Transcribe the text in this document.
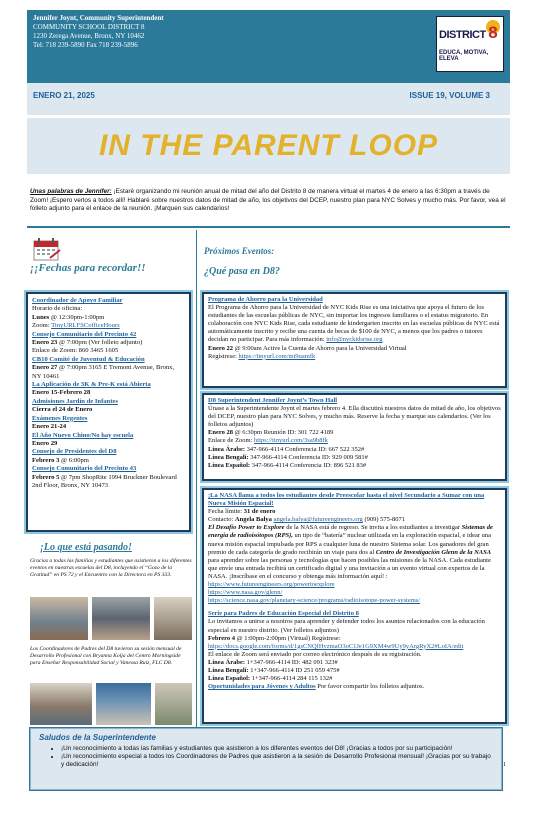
Jennifer Joynt, Community Superintendent
COMMUNITY SCHOOL DISTRICT 8
1230 Zerega Avenue, Bronx, NY 10462
Tel: 718 239-5890 Fax 718 239-5896
DISTRICT 8
EDUCA, MOTIVA, ELEVA
ENERO 21, 2025	ISSUE 19, VOLUME 3
IN THE PARENT LOOP
Unas palabras de Jennifer: ¡Estaré organizando mi reunión anual de mitad del año del Distrito 8 de manera virtual el martes 4 de enero a las 6:30pm a través de Zoom! ¡Espero verlos a todos allí! Hablaré sobre nuestros datos de mitad de año, los objetivos del DCEP, nuestro plan para NYC Solves y mucho más. Por favor, vea el folleto adjunto para el enlace de la reunión. ¡Marquen sus calendarios!
¡¡Fechas para recordar!!
Coordinador de Apoyo Familiar
Horario de oficina:
Lunes @ 12:30pm-1:00pm
Zoom: TinyURLFSCofficeHours
Consejo Comunitario del Precinto 42
Enero 23 @ 7:00pm (Ver folleto adjunto)
Enlace de Zoom: 860 3465 1605
CB10 Comité de Juventud & Educación
Enero 27 @ 7:00pm 3165 E Tremont Avenue, Bronx, NY 10461
La Aplicación de 3K & Pre-K está Abierta
Enero 15-Febrero 28
Admisiones Jardín de Infantes
Cierra el 24 de Enero
Exámenes Regentes
Enero 21-24
El Año Nuevo Chino/No hay escuela
Enero 29
Consejo de Presidentes del D8
Febrero 3 @ 6:00pm
Consejo Comunitario del Precinto 43
Febrero 5 @ 7pm ShopRite 1994 Bruckner Boulevard 2nd Floor, Bronx, NY 10473
¡Lo que está pasando!
Gracias a todas las familias y estudiantes que asistieron a los diferentes eventos en nuestras escuelas del D8, incluyendo el “Gozo de la Gratitud” en PS 72 y el Encuentro con la Directora en PS 333.
Los Coordinadores de Padres del D8 tuvieron su sesión mensual de Desarrollo Profesional con Bryanna Kolja del Centro Morningside para Enseñar Responsabilidad Social y Vanessa Ruiz, FLC D8.
Próximos Eventos:
¿Qué pasa en D8?
Programa de Ahorro para la Universidad
El Programa de Ahorro para la Universidad de NYC Kids Rise es una iniciativa que apoya el futuro de los estudiantes de las escuelas públicas de NYC, sin importar los ingresos familiares o el estatus migratorio. En colaboración con NYC Kids Rise, cada estudiante de kindergarten inscrito en las escuelas públicas de NYC está automáticamente inscrito y recibe una cuenta de becas de $100 de NYC, a menos que los padres o tutores decidan no participar. Para más información: info@nyckidsrise.org
Enero 22 @ 9:00am Active la Cuenta de Ahorro para la Universidad Virtual
Regístrese: https://tinyurl.com/mt9uamfk
D8 Superintendent Jennifer Joynt’s Town Hall
Únase a la Superintendente Joynt el martes febrero 4. Ella discutirá nuestros datos de mitad de año, los objetivos del DCEP, nuestro plan para NYC Solves, y mucho más. Reserve la fecha y marque sus calendarios. (Ver los folletos adjuntos)
Enero 28 @ 6:30pm Reunión ID: 301 722 4189
Enlace de Zoom: https://tinyurl.com/3sa9b8fk
Línea Árabe: 347-966-4114 Conferencia ID: 667 522 352#
Línea Bengalí: 347-966-4114 Conferencia ID: 929 009 581#
Línea Español: 347-966-4114 Conferencia ID: 896 521 83#
¡La NASA llama a todos los estudiantes desde Preescolar hasta el nivel Secundario a Sumar con una Nueva Misión Espacial!
Fecha límite: 31 de enero
Contacto: Angela Balya angela.balya@futureengineers.org (909) 575-8071
El Desafío Power to Explore de la NASA está de regreso. Se invita a los estudiantes a investigar Sistemas de energía de radioisótopos (RPS), un tipo de “batería” nuclear utilizada en la exploración espacial, e idear una nueva misión espacial impulsada por RPS a cualquier luna de nuestro Sistema solar. Los ganadores del gran premio de cada categoría de grado recibirán un viaje para dos al Centro de Investigación Glenn de la NASA para aprender sobre las personas y tecnologías que hacen posibles las misiones de la NASA. Cada estudiante que envíe una entrada recibirá un certificado digital y una invitación a un evento virtual con expertos de la NASA. ¡Inscríbase en el concurso y obtenga más información aquí! : https://www.futureengineers.org/powertoexplore
https://www.nasa.gov/glenn/
https://science.nasa.gov/planetary-science/programs/radioisotope-power-systems/
Serie para Padres de Educación Especial del Distrito 8
Lo invitamos a unirse a nosotros para aprender y defender todos los asuntos relacionados con la educación especial en nuestro distrito. (Ver folletos adjuntos)
Febrero 4 @ 1:00pm-2:00pm (Virtual) Regístrese:
https://docs.google.com/forms/d/1gsCNQfHvzmaO3oC1Je1G9XM4w9Uy9yArgRyX2#LoIA/edit
El enlace de Zoom será enviado por correo electrónico después de su registración.
Línea Árabe: 1+347-966-4114 ID: 482 091 323#
Línea Bengalí: 1+347-966-4114 ID 251 059 475#
Línea Español: 1+347-966-4114 284 115 132#
Oportunidades para Jóvenes y Adultos Por favor compartir los folletos adjuntos.
Saludos de la Superintendente
• ¡Un reconocimiento a todas las familias y estudiantes que asistieron a los diferentes eventos del D8! ¡Gracias a todos por su participación!
• ¡Un reconocimiento especial a todos los Coordinadores de Padres que asistieron a la sesión de Desarrollo Profesional mensual! ¡Gracias por su trabajo y dedicación!	1
